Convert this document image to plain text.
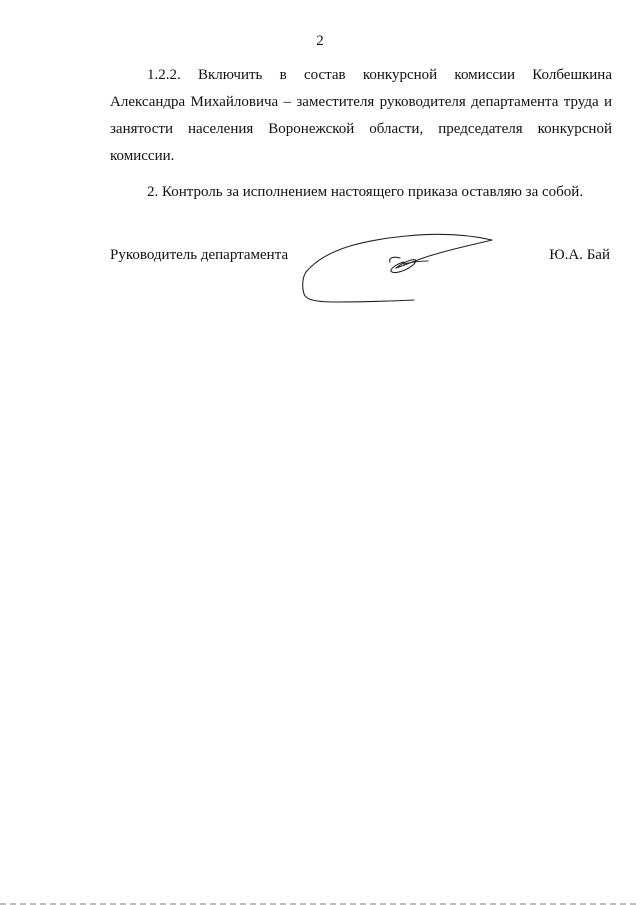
2

1.2.2. Включить в состав конкурсной комиссии Колбешкина
Александра Михайловича – заместителя руководителя департамента труда и
занятости населения Воронежской области, председателя конкурсной
комиссии.

2. Контроль за исполнением настоящего приказа оставляю за собой.

Руководитель департамента	Ю.А. Бай
